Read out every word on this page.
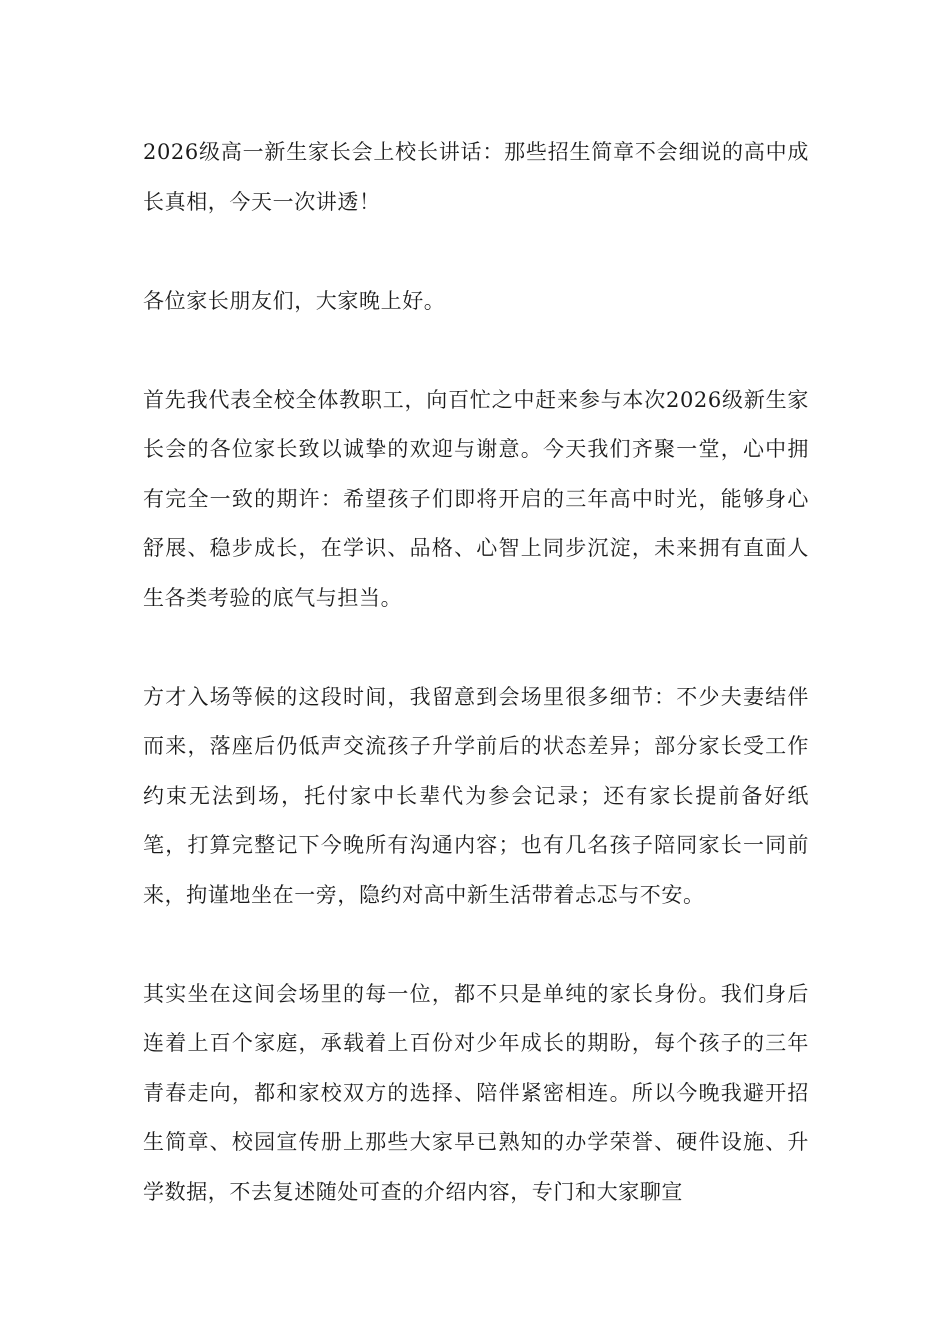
2026级高一新生家长会上校长讲话：那些招生简章不会细说的高中成长真相，今天一次讲透！

各位家长朋友们，大家晚上好。

首先我代表全校全体教职工，向百忙之中赶来参与本次2026级新生家长会的各位家长致以诚挚的欢迎与谢意。今天我们齐聚一堂，心中拥有完全一致的期许：希望孩子们即将开启的三年高中时光，能够身心舒展、稳步成长，在学识、品格、心智上同步沉淀，未来拥有直面人生各类考验的底气与担当。

方才入场等候的这段时间，我留意到会场里很多细节：不少夫妻结伴而来，落座后仍低声交流孩子升学前后的状态差异；部分家长受工作约束无法到场，托付家中长辈代为参会记录；还有家长提前备好纸笔，打算完整记下今晚所有沟通内容；也有几名孩子陪同家长一同前来，拘谨地坐在一旁，隐约对高中新生活带着忐忑与不安。

其实坐在这间会场里的每一位，都不只是单纯的家长身份。我们身后连着上百个家庭，承载着上百份对少年成长的期盼，每个孩子的三年青春走向，都和家校双方的选择、陪伴紧密相连。所以今晚我避开招生简章、校园宣传册上那些大家早已熟知的办学荣誉、硬件设施、升学数据，不去复述随处可查的介绍内容，专门和大家聊宣
